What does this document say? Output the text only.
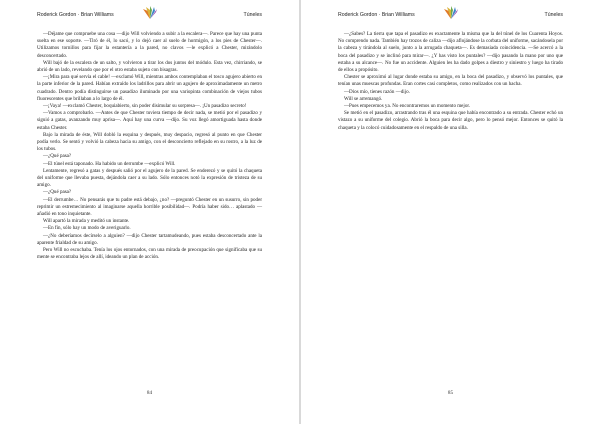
Roderick Gordon · Brian Williams	Túneles

—Déjame que compruebe una cosa —dijo Will volviendo a subir a la escalera—. Parece que hay una punta suelta en ese soporte. —Tiró de él, lo sacó, y lo dejó caer al suelo de hormigón, a los pies de Chester—. Utilizamos tornillos para fijar la estantería a la pared, no clavos —le explicó a Chester, mirándolo desconcertado.

Will bajó de la escalera de un salto, y volvieron a tirar los dos juntos del módulo. Esta vez, chirriando, se abrió de un lado, revelando que por el otro estaba sujeto con bisagras.

—¡Mira para qué servía el cable! —exclamó Will, mientras ambos contemplaban el tosco agujero abierto en la parte inferior de la pared. Habían extraído los ladrillos para abrir un agujero de aproximadamente un metro cuadrado. Dentro podía distinguirse un pasadizo iluminado por una variopinta combinación de viejos tubos fluorescentes que brillaban a lo largo de él.

—¡Vaya! —exclamó Chester, boquiabierto, sin poder disimular su sorpresa—. ¡Un pasadizo secreto!

—Vamos a comprobarlo. —Antes de que Chester tuviera tiempo de decir nada, se metió por el pasadizo y siguió a gatas, avanzando muy aprisa—. Aquí hay una curva —dijo. Su voz llegó amortiguada hasta donde estaba Chester.

Bajo la mirada de éste, Will dobló la esquina y después, muy despacio, regresó al punto en que Chester podía verlo. Se sentó y volvió la cabeza hacia su amigo, con el desconcierto reflejado en su rostro, a la luz de los tubos.

—¿Qué pasa?

—El túnel está taponado. Ha habido un derrumbe —explicó Will.

Lentamente, regresó a gatas y después salió por el agujero de la pared. Se enderezó y se quitó la chaqueta del uniforme que llevaba puesta, dejándola caer a su lado. Sólo entonces notó la expresión de tristeza de su amigo.

—¿Qué pasa?

—El derrumbe… No pensarás que tu padre está debajo, ¿no? —preguntó Chester en un susurro, sin poder reprimir un estremecimiento al imaginarse aquella horrible posibilidad—. Podría haber sido… aplastado —añadió en tono inquietante.

Will apartó la mirada y meditó un instante.

—En fin, sólo hay un modo de averiguarlo.

—¿No deberíamos decírselo a alguien? —dijo Chester tartamudeando, pues estaba desconcertado ante la aparente frialdad de su amigo.

Pero Will no escuchaba. Tenía los ojos entornados, con una mirada de preocupación que significaba que su mente se encontraba lejos de allí, ideando un plan de acción.

84
Roderick Gordon · Brian Williams	Túneles

—¿Sabes? La tierra que tapa el pasadizo es exactamente la misma que la del túnel de los Cuarenta Hoyos. No comprendo nada. También hay trozos de caliza —dijo aflojándose la corbata del uniforme, sacándosela por la cabeza y tirándola al suelo, junto a la arrugada chaqueta—. Es demasiada coincidencia. —Se acercó a la boca del pasadizo y se inclinó para mirar—. ¿Y has visto los puntales? —dijo pasando la mano por uno que estaba a su alcance—. No fue un accidente. Alguien les ha dado golpes a diestro y siniestro y luego ha tirado de ellos a propósito.

Chester se aproximó al lugar donde estaba su amigo, en la boca del pasadizo, y observó los puntales, que tenían unas muescas profundas. Eran cortes casi completos, como realizados con un hacha.

—Dios mío, tienes razón —dijo.

Will se arremangó.

—Pues empecemos ya. No encontraremos un momento mejor.

Se metió en el pasadizo, arrastrando tras él una esquina que había encontrado a su entrada. Chester echó un vistazo a su uniforme del colegio. Abrió la boca para decir algo, pero lo pensó mejor. Entonces se quitó la chaqueta y la colocó cuidadosamente en el respaldo de una silla.

85
